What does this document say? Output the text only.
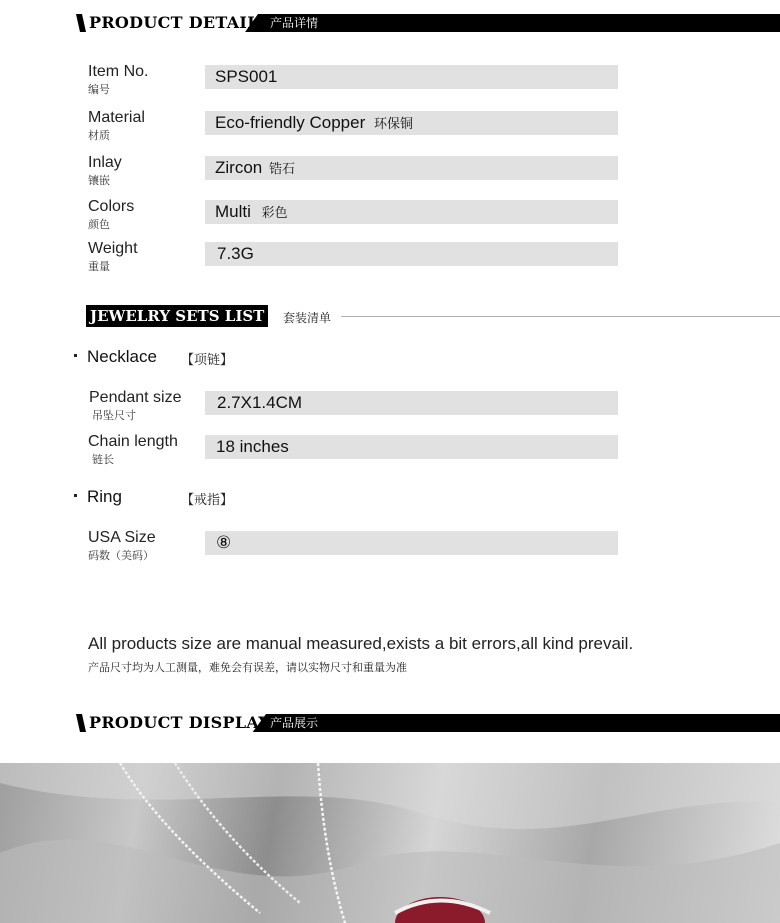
PRODUCT DETAILS 产品详情
Item No.
编号
SPS001
Material
材质
Eco-friendly Copper 环保铜
Inlay
镶嵌
Zircon 锆石
Colors
颜色
Multi 彩色
Weight
重量
7.3G
JEWELRY SETS LIST	套装清单
Necklace 【项链】
Pendant size
吊坠尺寸
2.7X1.4CM
Chain length
链长
18 inches
Ring	【戒指】
USA Size
码数（美码）
⑧
All products size are manual measured,exists a bit errors,all kind prevail.
产品尺寸均为人工测量，难免会有误差，请以实物尺寸和重量为准
PRODUCT DISPLAY 产品展示
